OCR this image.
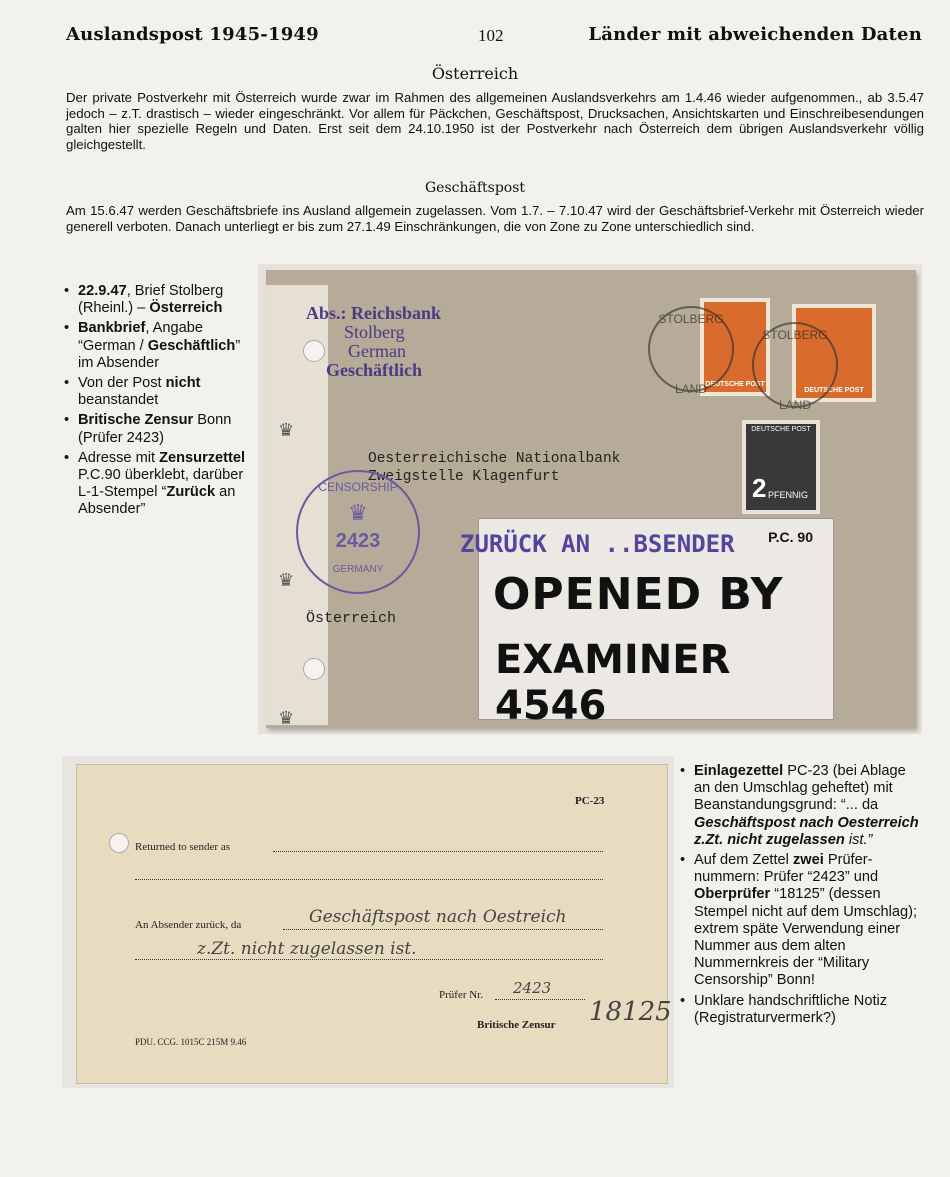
Auslandspost 1945-1949	102	Länder mit abweichenden Daten
Österreich
Der private Postverkehr mit Österreich wurde zwar im Rahmen des allgemeinen Auslandsverkehrs am 1.4.46 wieder aufgenommen., ab 3.5.47 jedoch – z.T. drastisch – wieder eingeschränkt. Vor allem für Päckchen, Geschäftspost, Drucksachen, Ansichtskarten und Einschreibesendungen galten hier spezielle Regeln und Daten. Erst seit dem 24.10.1950 ist der Postverkehr nach Österreich dem übrigen Auslandsverkehr völlig gleichgestellt.
Geschäftspost
Am 15.6.47 werden Geschäftsbriefe ins Ausland allgemein zugelassen. Vom 1.7. – 7.10.47 wird der Geschäftsbrief-Verkehr mit Österreich wieder generell verboten. Danach unterliegt er bis zum 27.1.49 Einschränkungen, die von Zone zu Zone unterschiedlich sind.
• 22.9.47, Brief Stolberg (Rheinl.) – Österreich
• Bankbrief, Angabe “German / Geschäftlich” im Absender
• Von der Post nicht beanstandet
• Britische Zensur Bonn (Prüfer 2423)
• Adresse mit Zensurzettel P.C.90 überklebt, darüber L-1-Stempel “Zurück an Absender”
♛
♛
♛
Abs.: Reichsbank
Stolberg
German
Geschäftlich
DEUTSCHE POST
DEUTSCHE POST
STOLBERG
LAND
STOLBERG
LAND
2 PFENNIG
DEUTSCHE POST
Oesterreichische Nationalbank
Zweigstelle Klagenfurt
CENSORSHIP
♛
2423
GERMANY
Österreich
P.C. 90
OPENED BY
EXAMINER 4546
ZURÜCK AN ..BSENDER
PC-23
Returned to sender as
An Absender zurück, da	Geschäftspost nach Oestreich
z.Zt. nicht zugelassen ist.
Prüfer Nr. 2423
Britische Zensur 18125
PDU. CCG. 1015C 215M 9.46
• Einlagezettel PC-23 (bei Ablage an den Umschlag geheftet) mit Beanstandungsgrund: “... da Geschäftspost nach Oesterreich z.Zt. nicht zugelassen ist.”
• Auf dem Zettel zwei Prüfernummern: Prüfer “2423” und Oberprüfer “18125” (dessen Stempel nicht auf dem Umschlag); extrem späte Verwendung einer Nummer aus dem alten Nummernkreis der “Military Censorship” Bonn!
• Unklare handschriftliche Notiz (Registraturvermerk?)
